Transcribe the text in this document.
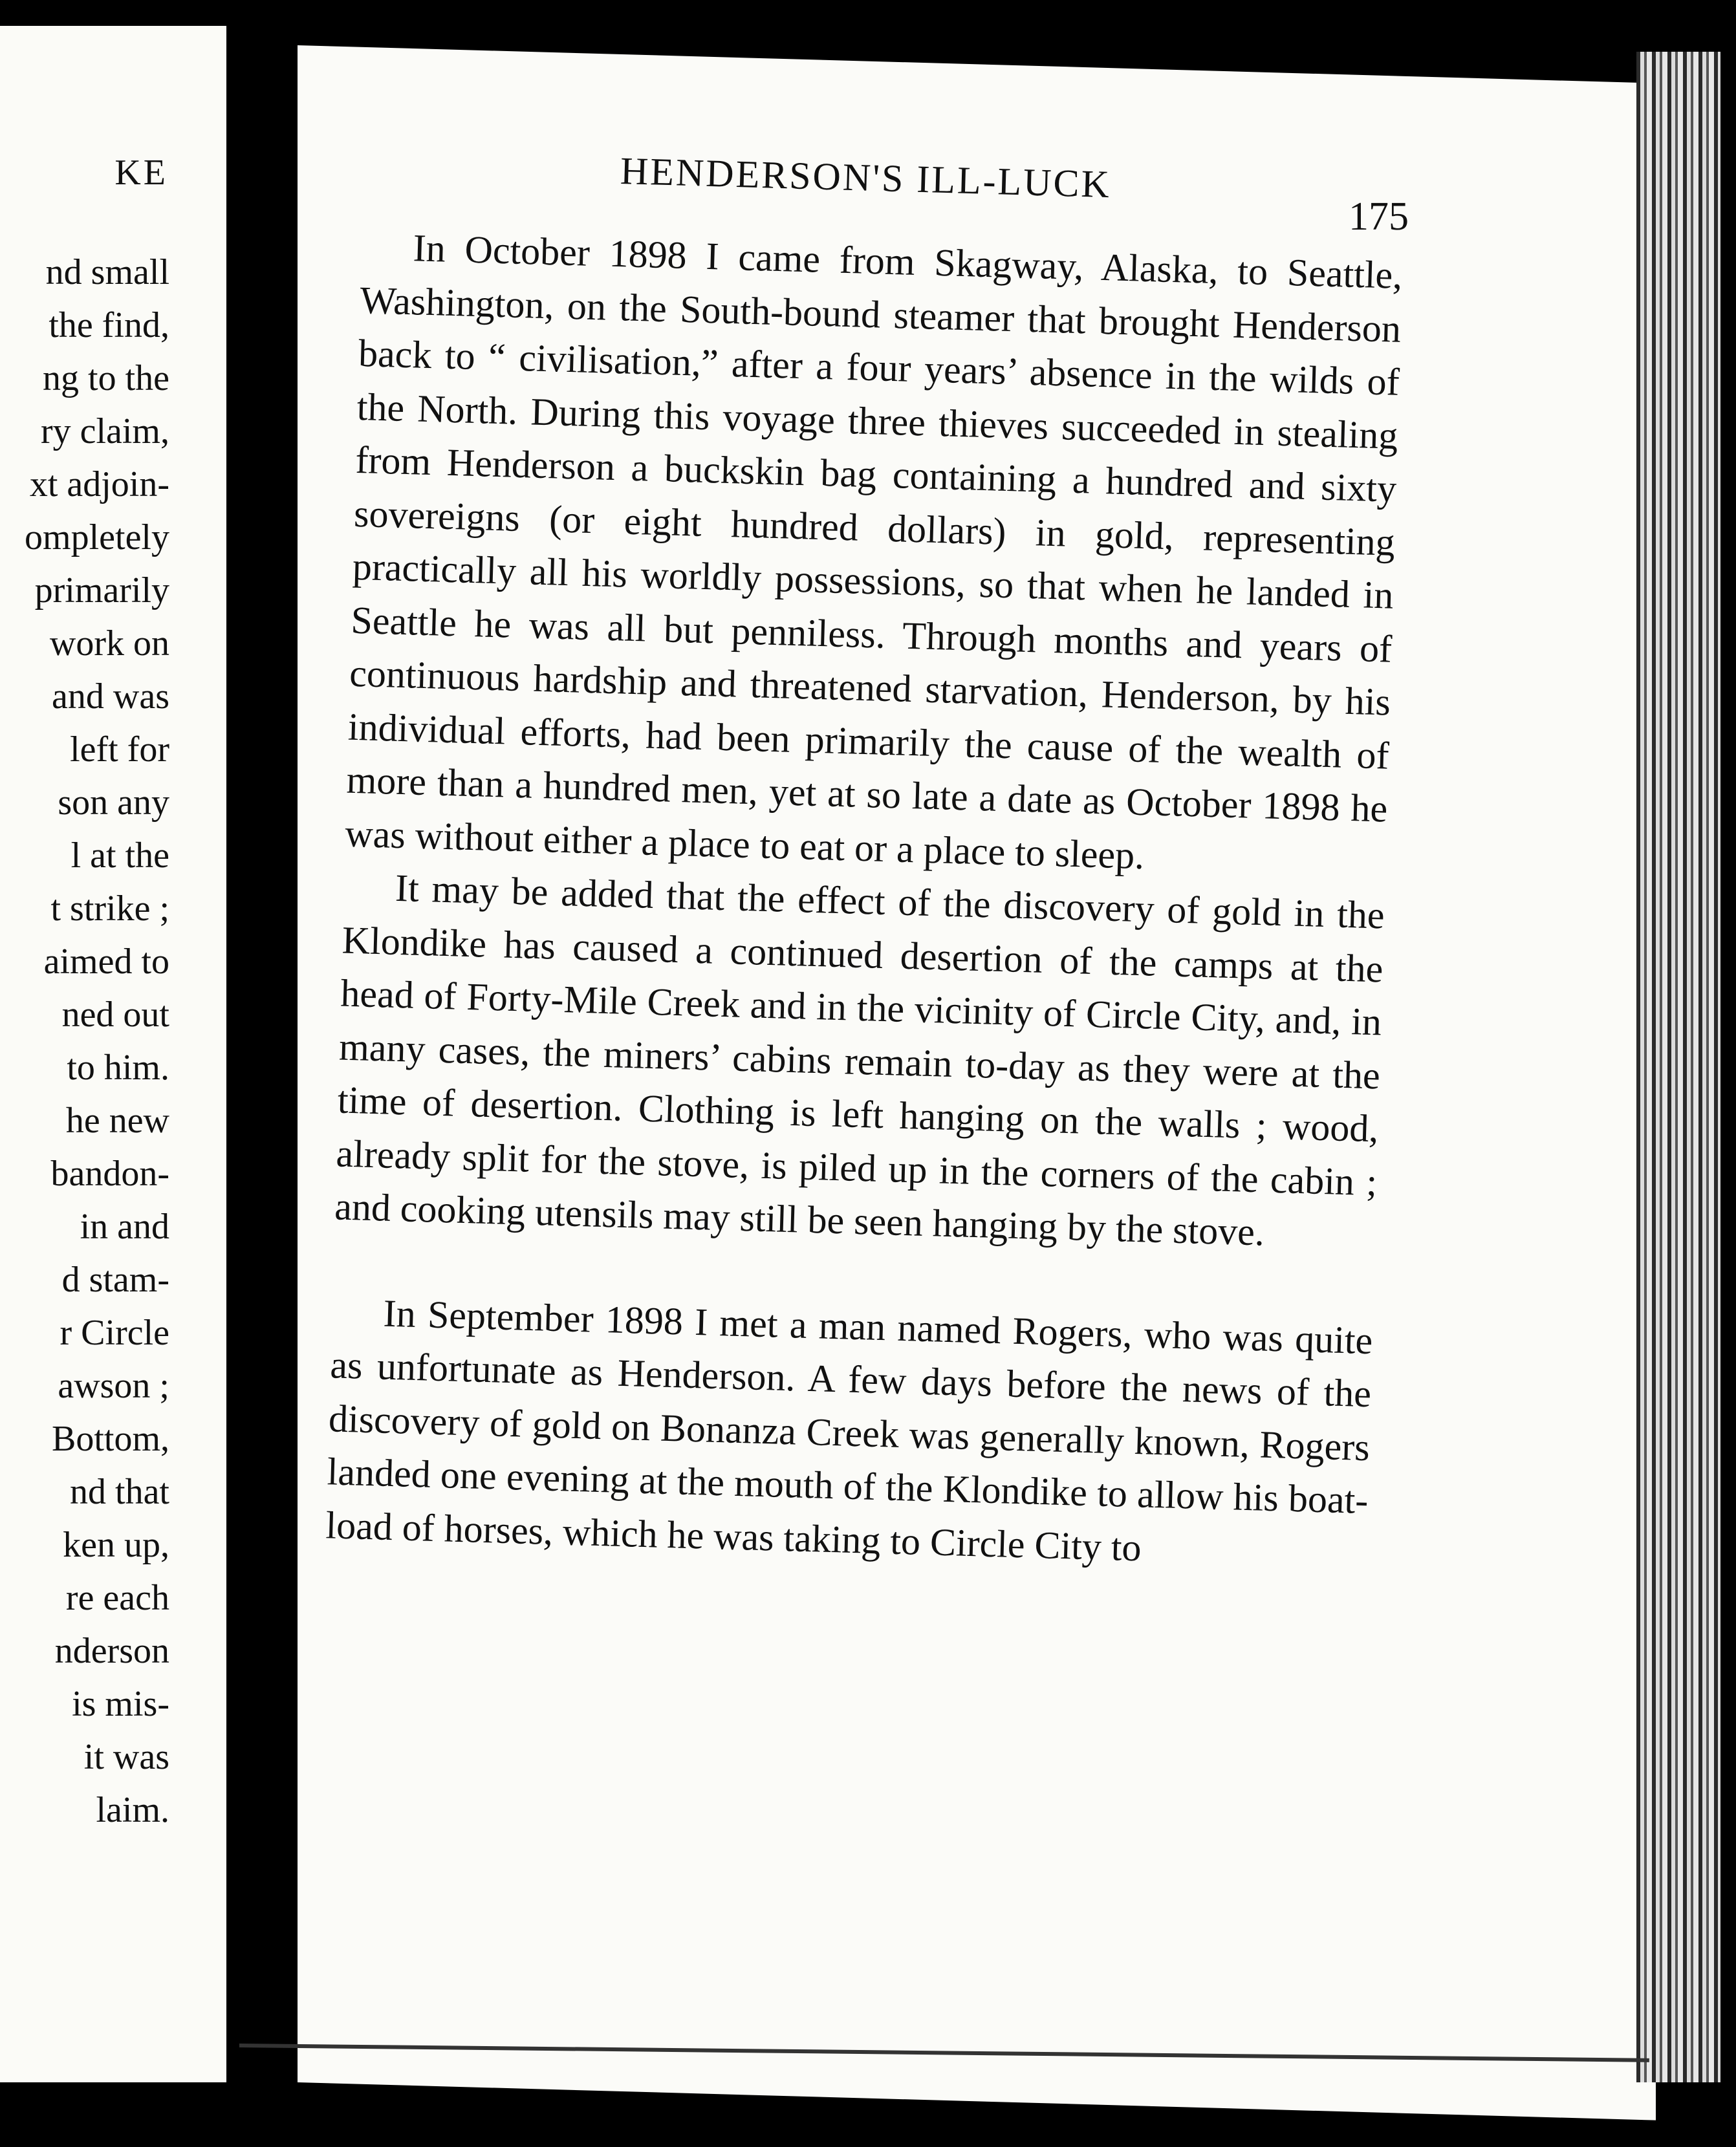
KE
nd small
the find,
ng to the
ry claim,
xt adjoin-
ompletely
primarily
work on
and was
left for
son any
l at the
t strike ;
aimed to
ned out
to him.
he new
bandon-
in and
d stam-
r Circle
awson ;
Bottom,
nd that
ken up,
re each
nderson
is mis-
it was
laim.
HENDERSON'S ILL-LUCK
175

In October 1898 I came from Skagway, Alaska, to Seattle, Washington, on the South-bound steamer that brought Henderson back to “ civilisation,” after a four years’ absence in the wilds of the North. During this voyage three thieves succeeded in stealing from Henderson a buckskin bag containing a hundred and sixty sovereigns (or eight hundred dollars) in gold, representing practically all his worldly possessions, so that when he landed in Seattle he was all but penniless. Through months and years of continuous hardship and threatened starvation, Henderson, by his individual efforts, had been primarily the cause of the wealth of more than a hundred men, yet at so late a date as October 1898 he was without either a place to eat or a place to sleep.

It may be added that the effect of the discovery of gold in the Klondike has caused a continued desertion of the camps at the head of Forty-Mile Creek and in the vicinity of Circle City, and, in many cases, the miners’ cabins remain to-day as they were at the time of desertion. Clothing is left hanging on the walls ; wood, already split for the stove, is piled up in the corners of the cabin ; and cooking utensils may still be seen hanging by the stove.

In September 1898 I met a man named Rogers, who was quite as unfortunate as Henderson. A few days before the news of the discovery of gold on Bonanza Creek was generally known, Rogers landed one evening at the mouth of the Klondike to allow his boat-load of horses, which he was taking to Circle City to
